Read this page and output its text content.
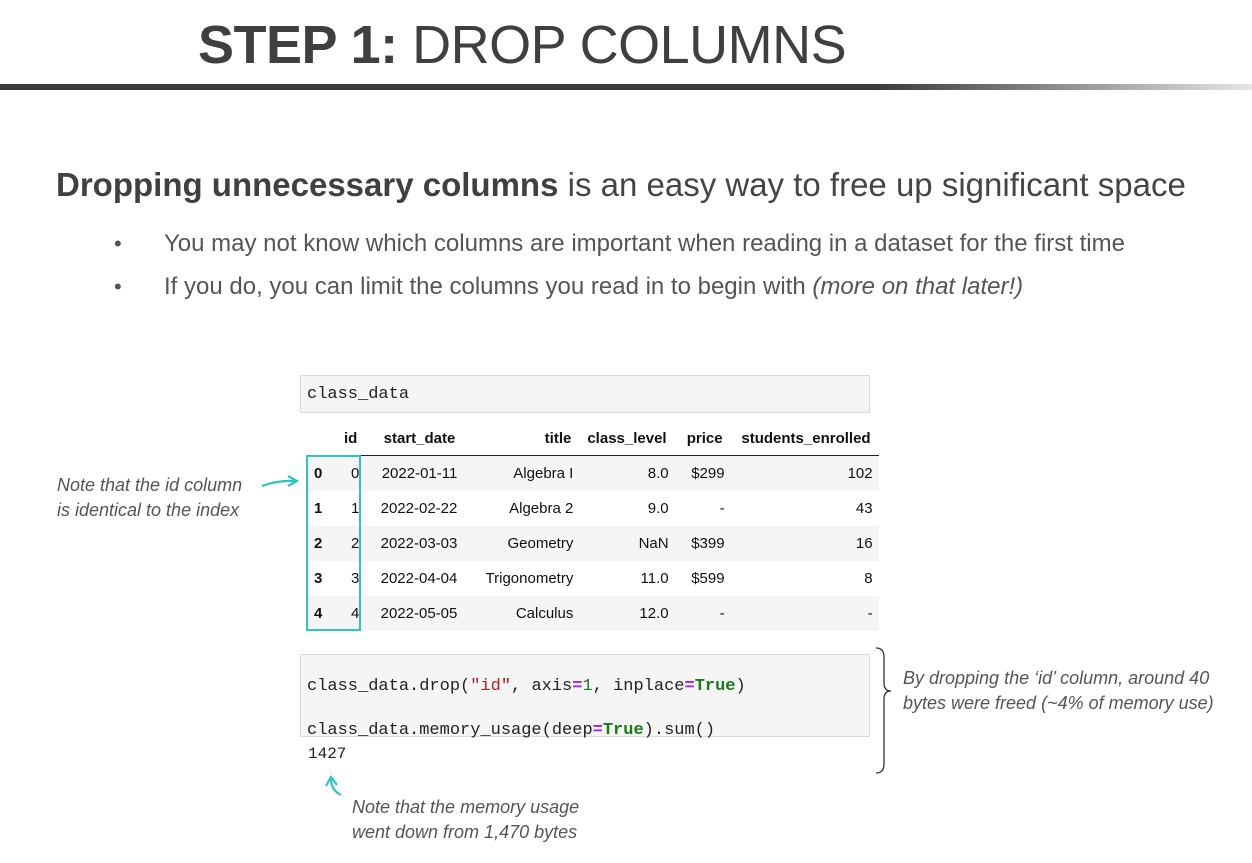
STEP 1: DROP COLUMNS
Dropping unnecessary columns is an easy way to free up significant space
• You may not know which columns are important when reading in a dataset for the first time
• If you do, you can limit the columns you read in to begin with (more on that later!)
class_data
	id	start_date	title	class_level	price	students_enrolled
0	0	2022-01-11	Algebra I	8.0	$299	102
1	1	2022-02-22	Algebra 2	9.0	-	43
2	2	2022-03-03	Geometry	NaN	$399	16
3	3	2022-04-04	Trigonometry	11.0	$599	8
4	4	2022-05-05	Calculus	12.0	-	-
class_data.drop("id", axis=1, inplace=True)
class_data.memory_usage(deep=True).sum()
1427
Note that the id column
is identical to the index
By dropping the ‘id’ column, around 40
bytes were freed (~4% of memory use)
Note that the memory usage
went down from 1,470 bytes
